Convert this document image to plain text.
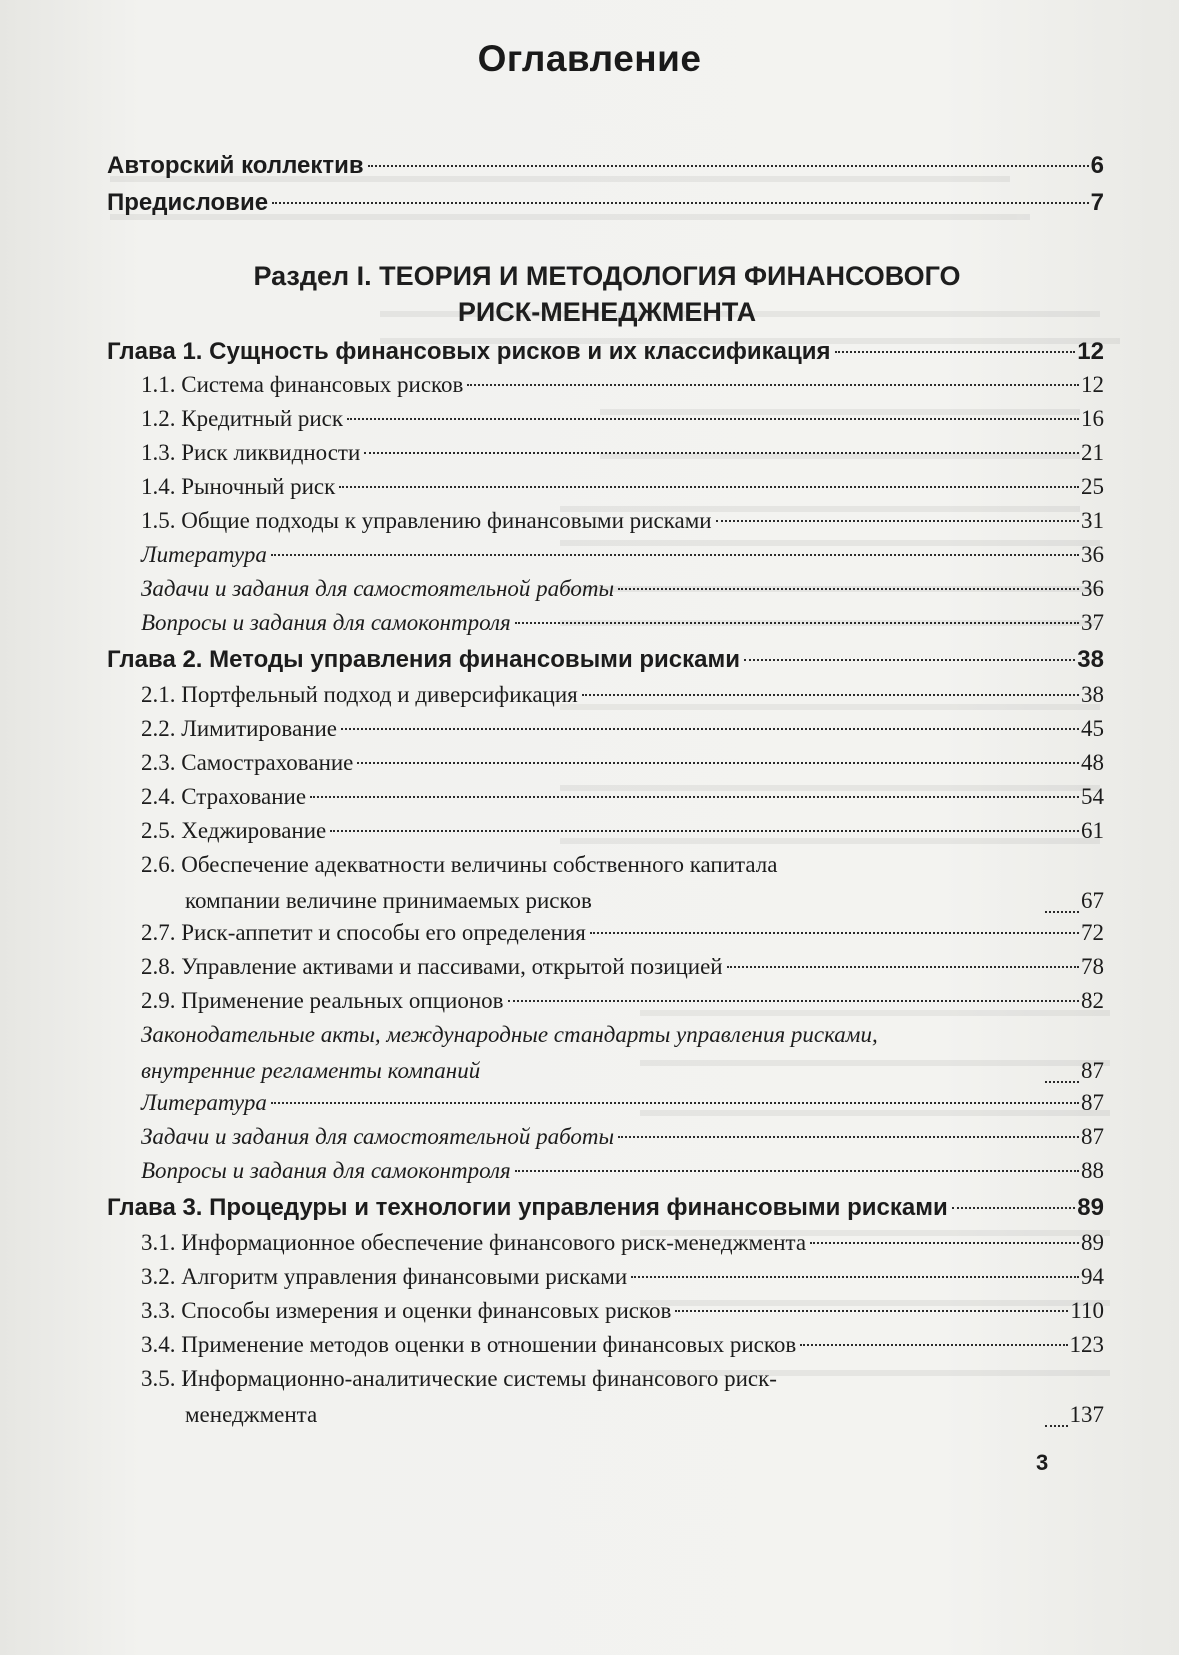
Оглавление
Авторский коллектив	6
Предисловие	7
Раздел I. ТЕОРИЯ И МЕТОДОЛОГИЯ ФИНАНСОВОГО
РИСК-МЕНЕДЖМЕНТА
Глава 1. Сущность финансовых рисков и их классификация	12
1.1. Система финансовых рисков	12
1.2. Кредитный риск	16
1.3. Риск ликвидности	21
1.4. Рыночный риск	25
1.5. Общие подходы к управлению финансовыми рисками	31
Литература	36
Задачи и задания для самостоятельной работы	36
Вопросы и задания для самоконтроля	37
Глава 2. Методы управления финансовыми рисками	38
2.1. Портфельный подход и диверсификация	38
2.2. Лимитирование	45
2.3. Самострахование	48
2.4. Страхование	54
2.5. Хеджирование	61
2.6. Обеспечение адекватности величины собственного капитала
компании величине принимаемых рисков	67
2.7. Риск-аппетит и способы его определения	72
2.8. Управление активами и пассивами, открытой позицией	78
2.9. Применение реальных опционов	82
Законодательные акты, международные стандарты управления рисками,
внутренние регламенты компаний	87
Литература	87
Задачи и задания для самостоятельной работы	87
Вопросы и задания для самоконтроля	88
Глава 3. Процедуры и технологии управления финансовыми рисками	89
3.1. Информационное обеспечение финансового риск-менеджмента	89
3.2. Алгоритм управления финансовыми рисками	94
3.3. Способы измерения и оценки финансовых рисков	110
3.4. Применение методов оценки в отношении финансовых рисков	123
3.5. Информационно-аналитические системы финансового риск-
менеджмента	137
3
